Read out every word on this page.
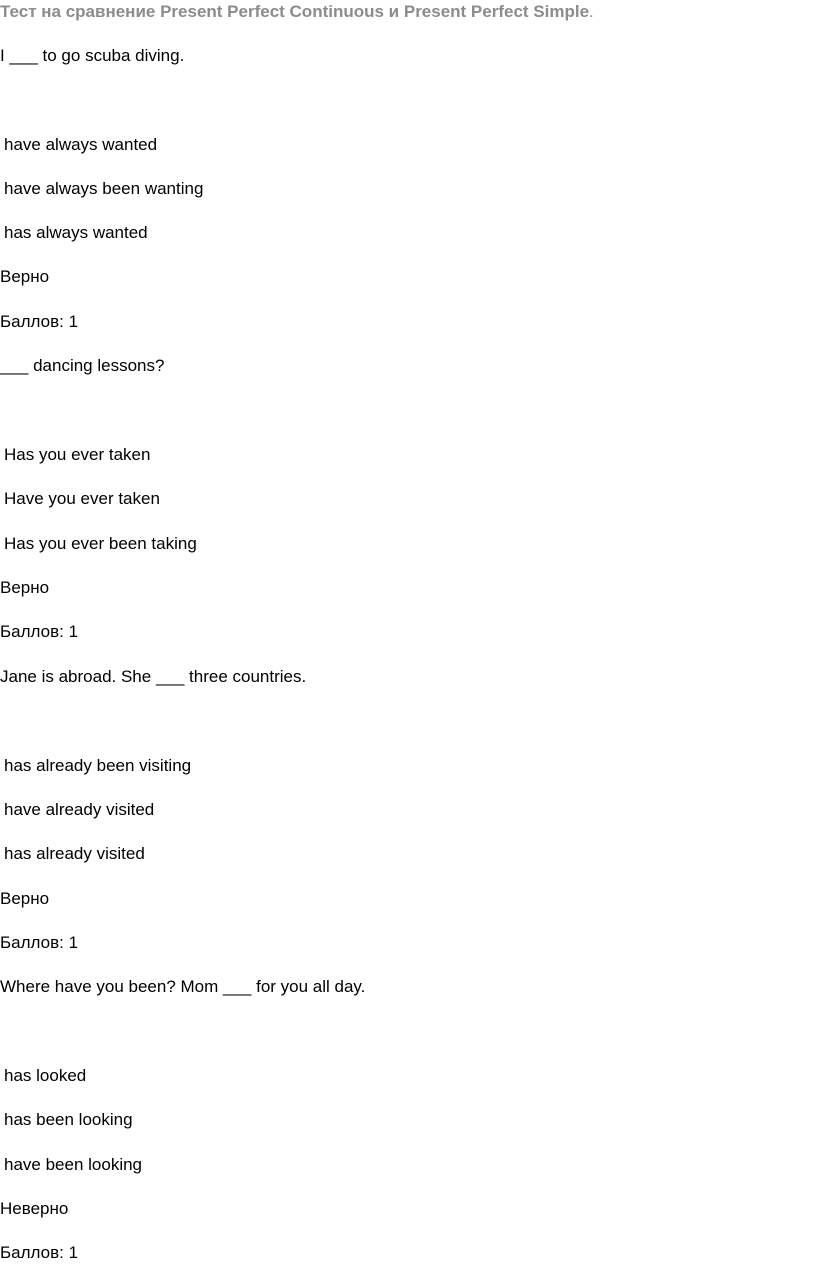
Тест на сравнение Present Perfect Continuous и Present Perfect Simple.
I ___ to go scuba diving.
have always wanted
have always been wanting
has always wanted
Верно
Баллов: 1
___ dancing lessons?
Has you ever taken
Have you ever taken
Has you ever been taking
Верно
Баллов: 1
Jane is abroad. She ___ three countries.
has already been visiting
have already visited
has already visited
Верно
Баллов: 1
Where have you been? Mom ___ for you all day.
has looked
has been looking
have been looking
Неверно
Баллов: 1
